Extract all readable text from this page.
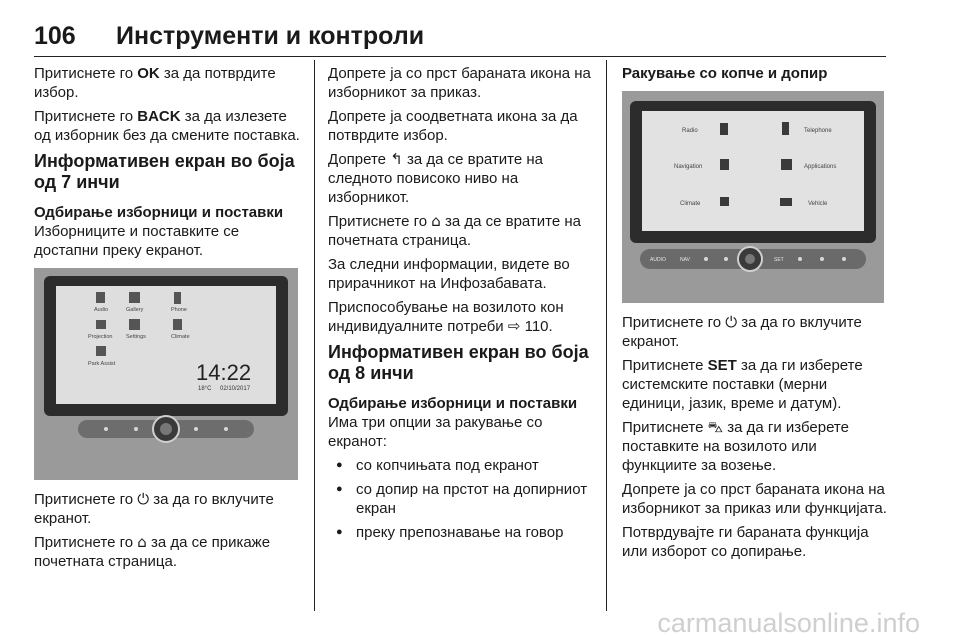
106 Инструменти и контроли

Притиснете го OK за да потврдите избор.

Притиснете го BACK за да излезете од изборник без да смените поставка.

Информативен екран во боја од 7 инчи
Одбирање изборници и поставки

Изборниците и поставките се достапни преку екранот.

Audio	Gallery	Phone
Projection Settings	Climate
Park Assist	14:22
18°C 02/10/2017

Притиснете го ⏻ за да го вклучите екранот.

Притиснете го ⌂ за да се прикаже почетната страница.

Допрете ја со прст бараната икона на изборникот за приказ.

Допрете ја соодветната икона за да потврдите избор.

Допрете ↰ за да се вратите на следното повисоко ниво на изборникот.

Притиснете го ⌂ за да се вратите на почетната страница.

За следни информации, видете во прирачникот на Инфозабавата.

Приспособување на возилото кон индивидуалните потреби ⇨ 110.

Информативен екран во боја од 8 инчи
Одбирање изборници и поставки

Има три опции за ракување со екранот:

● со копчињата под екранот
● со допир на прстот на допирниот екран
● преку препознавање на говор
Ракување со копче и допир
Radio	Telephone
Navigation	Applications
Climate	Vehicle
AUDIO	NAV	SET

Притиснете го ⏻ за да го вклучите екранот.

Притиснете SET за да ги изберете системските поставки (мерни единици, јазик, време и датум).

Притиснете ⛍ за да ги изберете поставките на возилото или функциите за возење.

Допрете ја со прст бараната икона на изборникот за приказ или функцијата.

Потврдувајте ги бараната функција или изборот со допирање.

carmanualsonline.info
